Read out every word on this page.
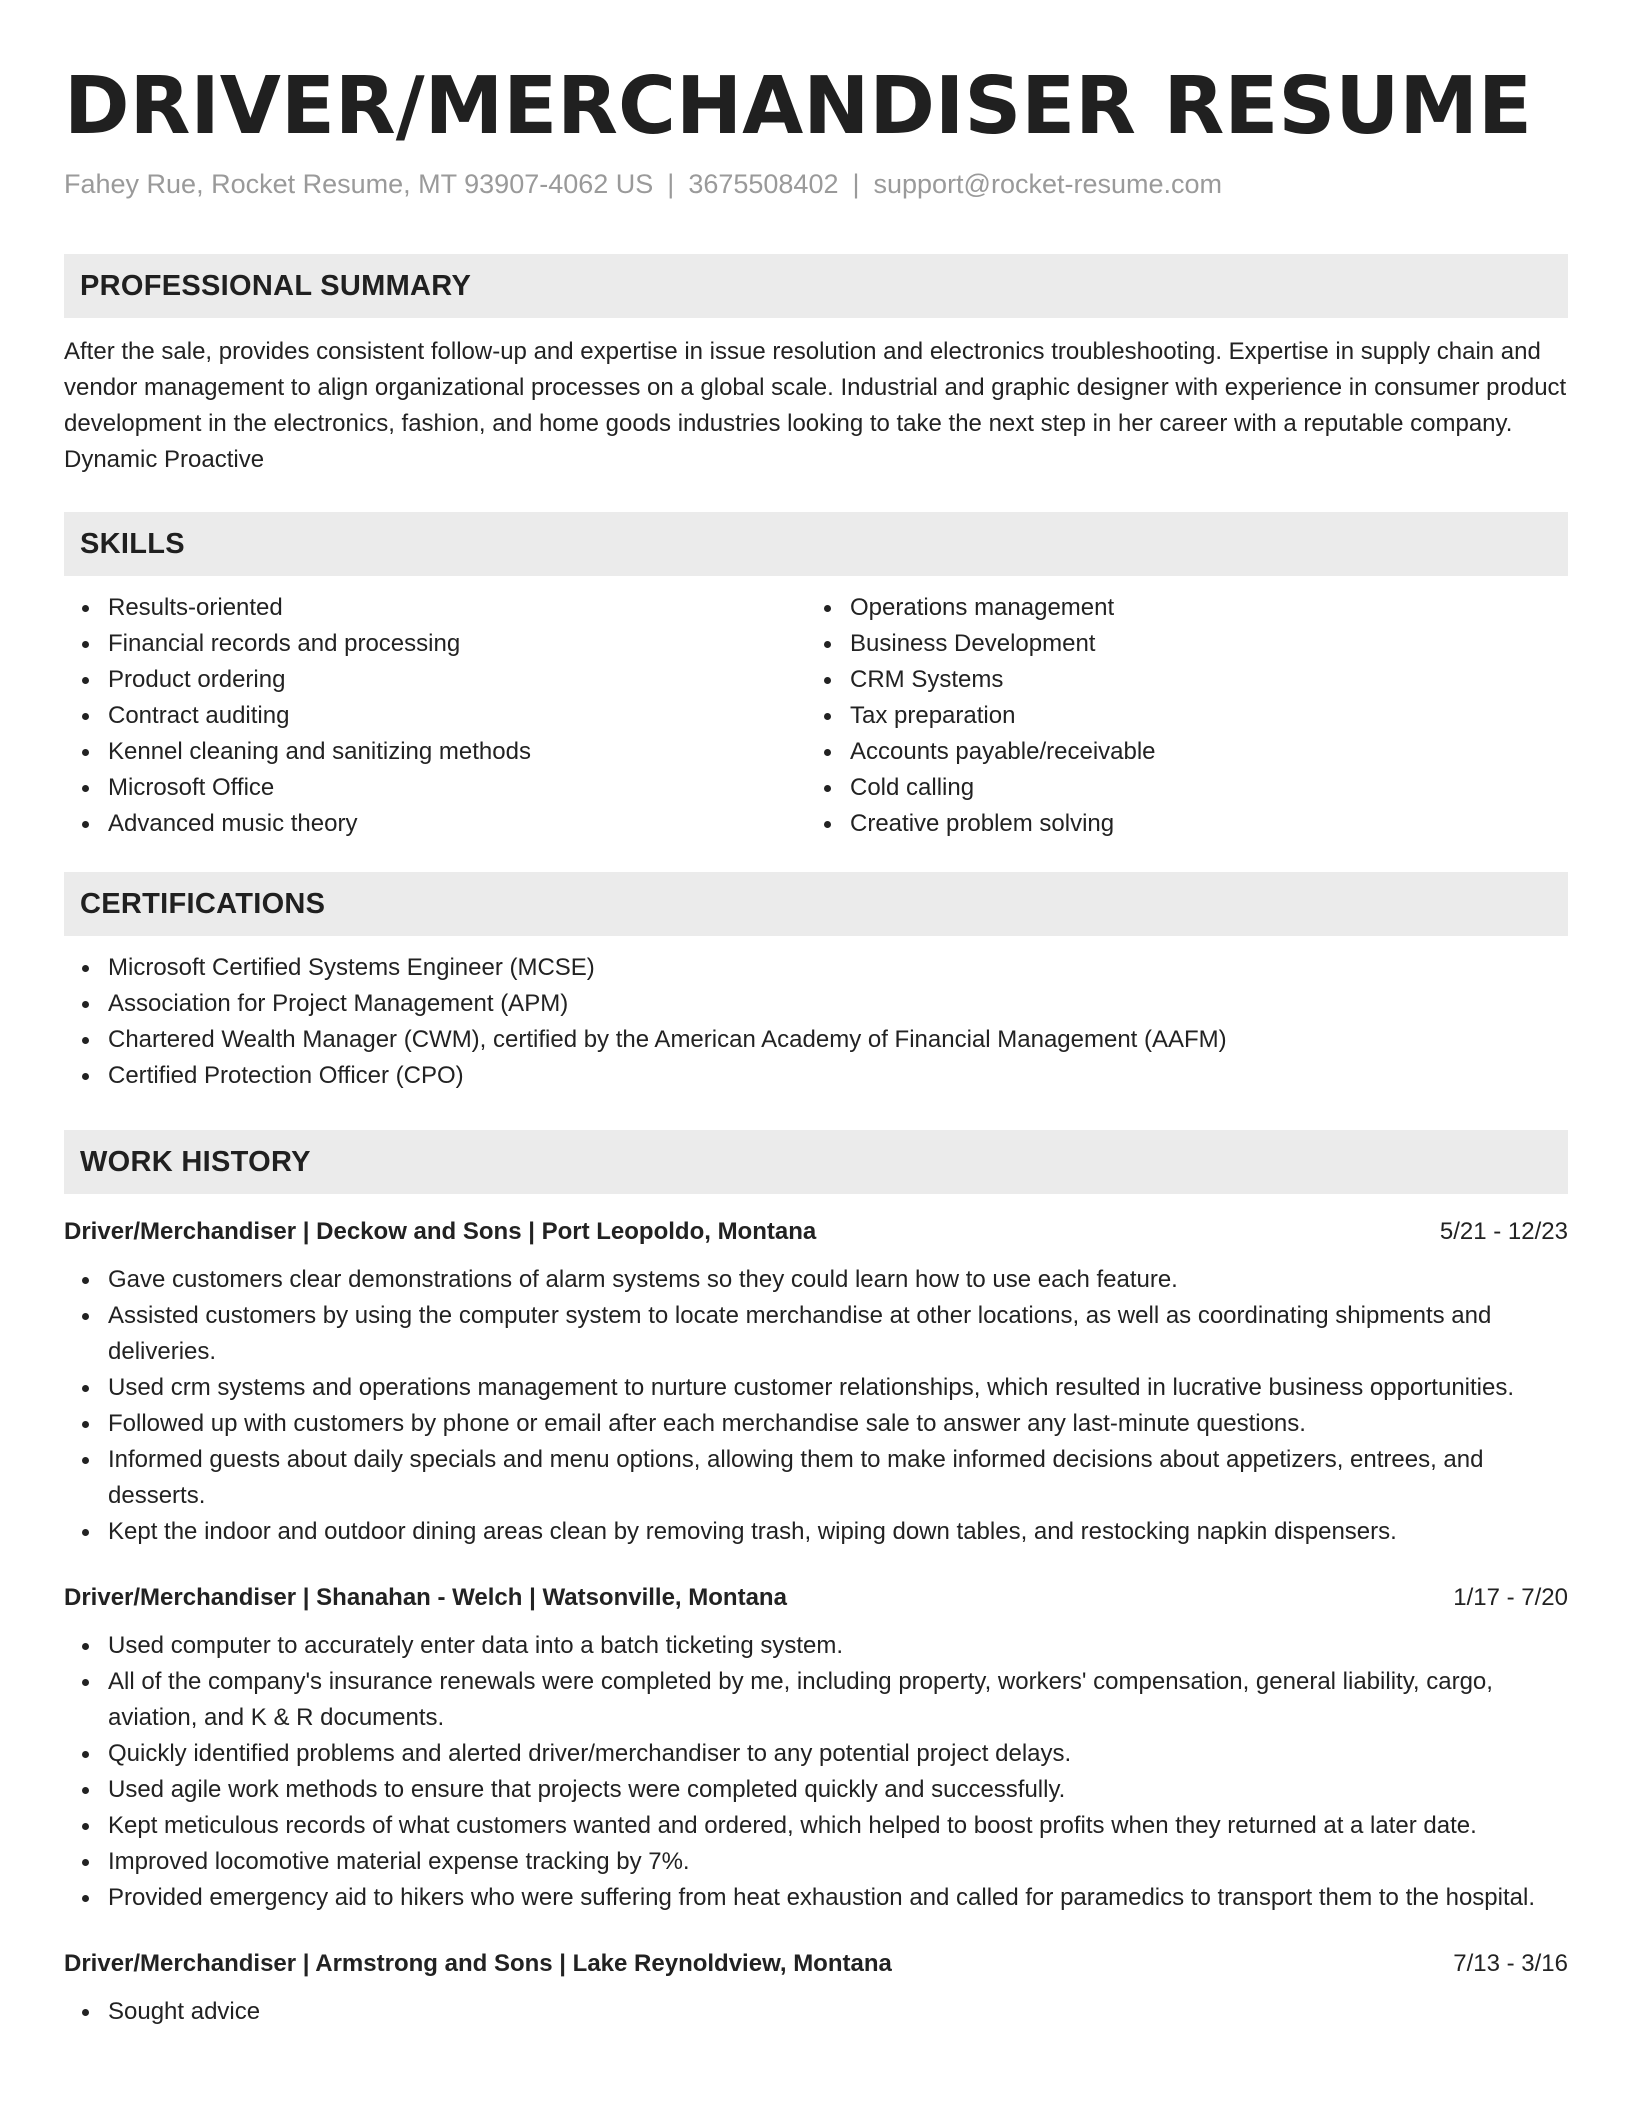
DRIVER/MERCHANDISER RESUME
Fahey Rue, Rocket Resume, MT 93907-4062 US | 3675508402 | support@rocket-resume.com
PROFESSIONAL SUMMARY

After the sale, provides consistent follow-up and expertise in issue resolution and electronics troubleshooting. Expertise in supply chain and vendor management to align organizational processes on a global scale. Industrial and graphic designer with experience in consumer product development in the electronics, fashion, and home goods industries looking to take the next step in her career with a reputable company. Dynamic Proactive

SKILLS
Results-oriented
Financial records and processing
Product ordering
Contract auditing
Kennel cleaning and sanitizing methods
Microsoft Office
Advanced music theory
Operations management
Business Development
CRM Systems
Tax preparation
Accounts payable/receivable
Cold calling
Creative problem solving
CERTIFICATIONS
Microsoft Certified Systems Engineer (MCSE)
Association for Project Management (APM)
Chartered Wealth Manager (CWM), certified by the American Academy of Financial Management (AAFM)
Certified Protection Officer (CPO)
WORK HISTORY
Driver/Merchandiser | Deckow and Sons | Port Leopoldo, Montana	5/21 - 12/23
Gave customers clear demonstrations of alarm systems so they could learn how to use each feature.
Assisted customers by using the computer system to locate merchandise at other locations, as well as coordinating shipments and deliveries.
Used crm systems and operations management to nurture customer relationships, which resulted in lucrative business opportunities.
Followed up with customers by phone or email after each merchandise sale to answer any last-minute questions.
Informed guests about daily specials and menu options, allowing them to make informed decisions about appetizers, entrees, and desserts.
Kept the indoor and outdoor dining areas clean by removing trash, wiping down tables, and restocking napkin dispensers.
Driver/Merchandiser | Shanahan - Welch | Watsonville, Montana	1/17 - 7/20
Used computer to accurately enter data into a batch ticketing system.
All of the company's insurance renewals were completed by me, including property, workers' compensation, general liability, cargo, aviation, and K & R documents.
Quickly identified problems and alerted driver/merchandiser to any potential project delays.
Used agile work methods to ensure that projects were completed quickly and successfully.
Kept meticulous records of what customers wanted and ordered, which helped to boost profits when they returned at a later date.
Improved locomotive material expense tracking by 7%.
Provided emergency aid to hikers who were suffering from heat exhaustion and called for paramedics to transport them to the hospital.
Driver/Merchandiser | Armstrong and Sons | Lake Reynoldview, Montana	7/13 - 3/16
Sought advice
